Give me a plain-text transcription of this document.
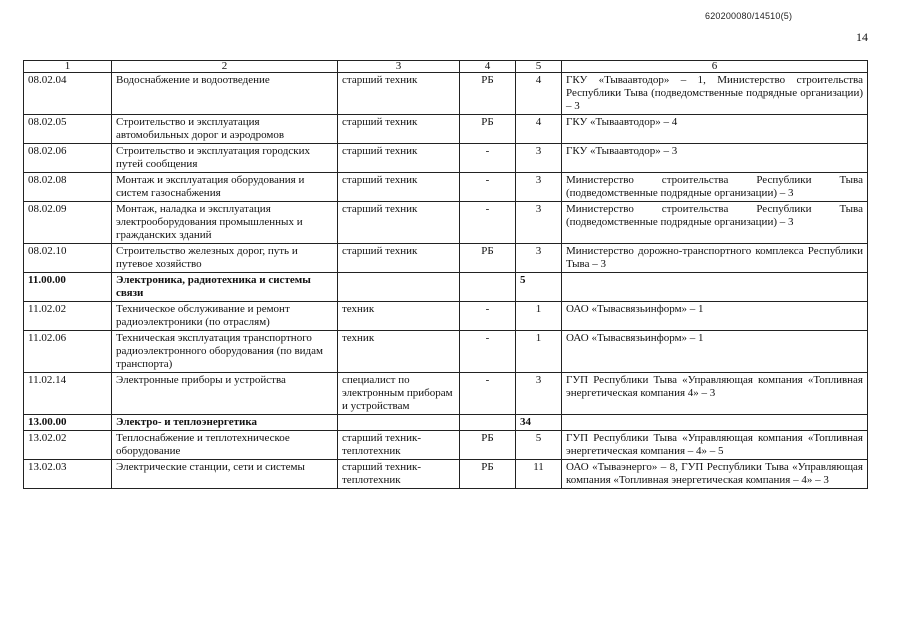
620200080/14510(5)
14
1	2	3	4	5	6
08.02.04	Водоснабжение и водоотведение	старший техник	РБ	4	ГКУ «Тываавтодор» – 1, Министерство строительства Республики Тыва (подведомственные подрядные организации) – 3
08.02.05	Строительство и эксплуатация автомобильных дорог и аэродромов	старший техник	РБ	4	ГКУ «Тываавтодор» – 4
08.02.06	Строительство и эксплуатация городских путей сообщения	старший техник	-	3	ГКУ «Тываавтодор» – 3
08.02.08	Монтаж и эксплуатация оборудования и систем газоснабжения	старший техник	-	3	Министерство строительства Республики Тыва (подведомственные подрядные организации) – 3
08.02.09	Монтаж, наладка и эксплуатация электрооборудования промышленных и гражданских зданий	старший техник	-	3	Министерство строительства Республики Тыва (подведомственные подрядные организации) – 3
08.02.10	Строительство железных дорог, путь и путевое хозяйство	старший техник	РБ	3	Министерство дорожно-транспортного комплекса Республики Тыва – 3
11.00.00	Электроника, радиотехника и системы связи			5	
11.02.02	Техническое обслуживание и ремонт радиоэлектроники (по отраслям)	техник	-	1	ОАО «Тывасвязьинформ» – 1
11.02.06	Техническая эксплуатация транспортного радиоэлектронного оборудования (по видам транспорта)	техник	-	1	ОАО «Тывасвязьинформ» – 1
11.02.14	Электронные приборы и устройства	специалист по электронным приборам и устройствам	-	3	ГУП Республики Тыва «Управляющая компания «Топливная энергетическая компания 4» – 3
13.00.00	Электро- и теплоэнергетика			34	
13.02.02	Теплоснабжение и теплотехническое оборудование	старший техник-теплотехник	РБ	5	ГУП Республики Тыва «Управляющая компания «Топливная энергетическая компания – 4» – 5
13.02.03	Электрические станции, сети и системы	старший техник-теплотехник	РБ	11	ОАО «Тываэнерго» – 8, ГУП Республики Тыва «Управляющая компания «Топливная энергетическая компания – 4» – 3
